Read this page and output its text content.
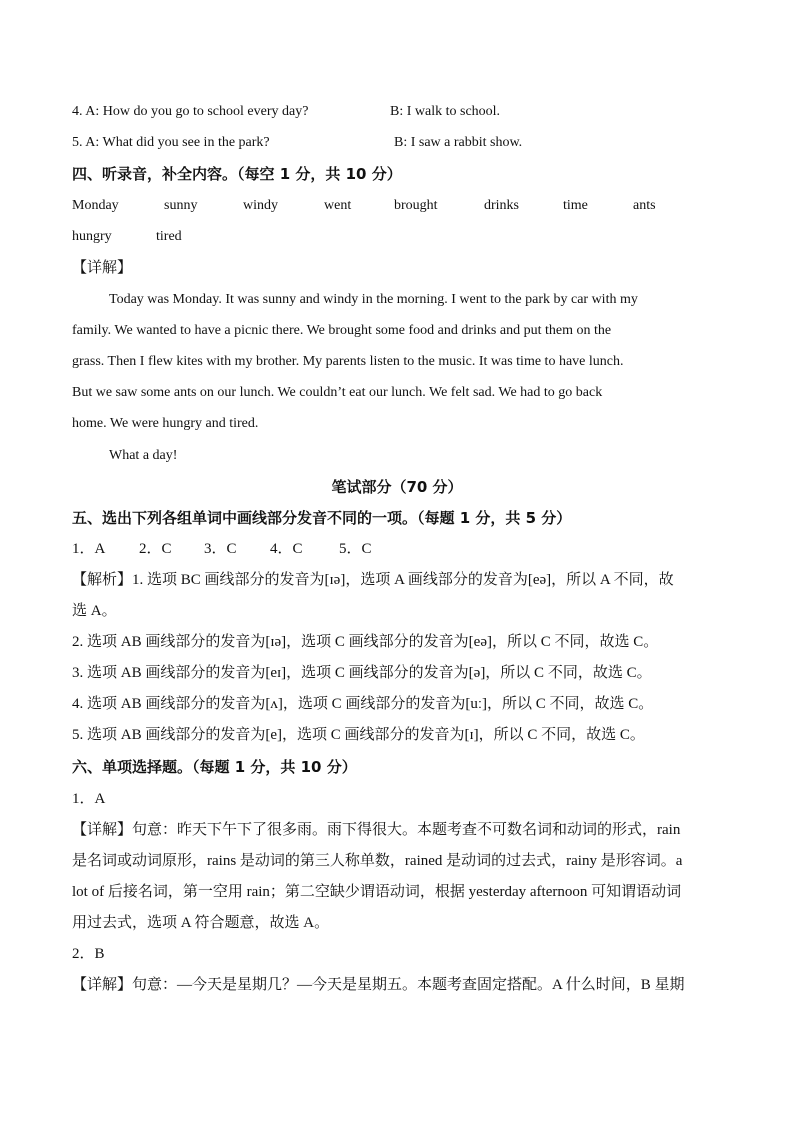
4. A: How do you go to school every day?	B: I walk to school.
5. A: What did you see in the park?	B: I saw a rabbit show.
四、听录音，补全内容。（每空 1 分，共 10 分）
Monday	sunny	windy	went	brought	drinks	time	ants
hungry	tired
【详解】
Today was Monday. It was sunny and windy in the morning. I went to the park by car with my
family. We wanted to have a picnic there. We brought some food and drinks and put them on the
grass. Then I flew kites with my brother. My parents listen to the music. It was time to have lunch.
But we saw some ants on our lunch. We couldn’t eat our lunch. We felt sad. We had to go back
home. We were hungry and tired.
What a day!
笔试部分（70 分）
五、选出下列各组单词中画线部分发音不同的一项。（每题 1 分，共 5 分）
1．A 2．C 3．C 4．C 5．C
【解析】1. 选项 BC 画线部分的发音为[ɪə]，选项 A 画线部分的发音为[eə]，所以 A 不同，故
选 A。
2. 选项 AB 画线部分的发音为[ɪə]，选项 C 画线部分的发音为[eə]，所以 C 不同，故选 C。
3. 选项 AB 画线部分的发音为[eɪ]，选项 C 画线部分的发音为[ə]，所以 C 不同，故选 C。
4. 选项 AB 画线部分的发音为[ʌ]，选项 C 画线部分的发音为[uː]，所以 C 不同，故选 C。
5. 选项 AB 画线部分的发音为[e]，选项 C 画线部分的发音为[ɪ]，所以 C 不同，故选 C。
六、单项选择题。（每题 1 分，共 10 分）
1．A
【详解】句意：昨天下午下了很多雨。雨下得很大。本题考查不可数名词和动词的形式，rain
是名词或动词原形，rains 是动词的第三人称单数，rained 是动词的过去式，rainy 是形容词。a
lot of 后接名词，第一空用 rain；第二空缺少谓语动词，根据 yesterday afternoon 可知谓语动词
用过去式，选项 A 符合题意，故选 A。
2．B
【详解】句意：—今天是星期几？—今天是星期五。本题考查固定搭配。A 什么时间，B 星期
